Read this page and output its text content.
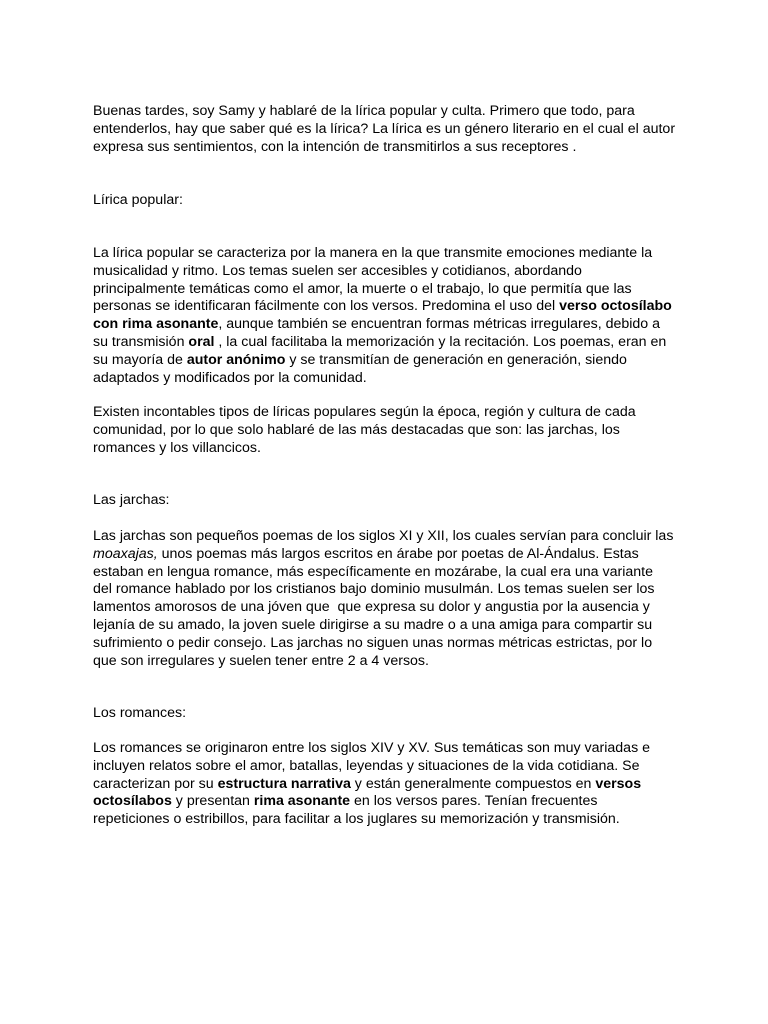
Buenas tardes, soy Samy y hablaré de la lírica popular y culta. Primero que todo, para
entenderlos, hay que saber qué es la lírica? La lírica es un género literario en el cual el autor
expresa sus sentimientos, con la intención de transmitirlos a sus receptores .

Lírica popular:

La lírica popular se caracteriza por la manera en la que transmite emociones mediante la
musicalidad y ritmo. Los temas suelen ser accesibles y cotidianos, abordando
principalmente temáticas como el amor, la muerte o el trabajo, lo que permitía que las
personas se identificaran fácilmente con los versos. Predomina el uso del verso octosílabo
con rima asonante, aunque también se encuentran formas métricas irregulares, debido a
su transmisión oral , la cual facilitaba la memorización y la recitación. Los poemas, eran en
su mayoría de autor anónimo y se transmitían de generación en generación, siendo
adaptados y modificados por la comunidad.

Existen incontables tipos de líricas populares según la época, región y cultura de cada
comunidad, por lo que solo hablaré de las más destacadas que son: las jarchas, los
romances y los villancicos.

Las jarchas:

Las jarchas son pequeños poemas de los siglos XI y XII, los cuales servían para concluir las
moaxajas, unos poemas más largos escritos en árabe por poetas de Al-Ándalus. Estas
estaban en lengua romance, más específicamente en mozárabe, la cual era una variante
del romance hablado por los cristianos bajo dominio musulmán. Los temas suelen ser los
lamentos amorosos de una jóven que  que expresa su dolor y angustia por la ausencia y
lejanía de su amado, la joven suele dirigirse a su madre o a una amiga para compartir su
sufrimiento o pedir consejo. Las jarchas no siguen unas normas métricas estrictas, por lo
que son irregulares y suelen tener entre 2 a 4 versos.

Los romances:

Los romances se originaron entre los siglos XIV y XV. Sus temáticas son muy variadas e
incluyen relatos sobre el amor, batallas, leyendas y situaciones de la vida cotidiana. Se
caracterizan por su estructura narrativa y están generalmente compuestos en versos
octosílabos y presentan rima asonante en los versos pares. Tenían frecuentes
repeticiones o estribillos, para facilitar a los juglares su memorización y transmisión.
